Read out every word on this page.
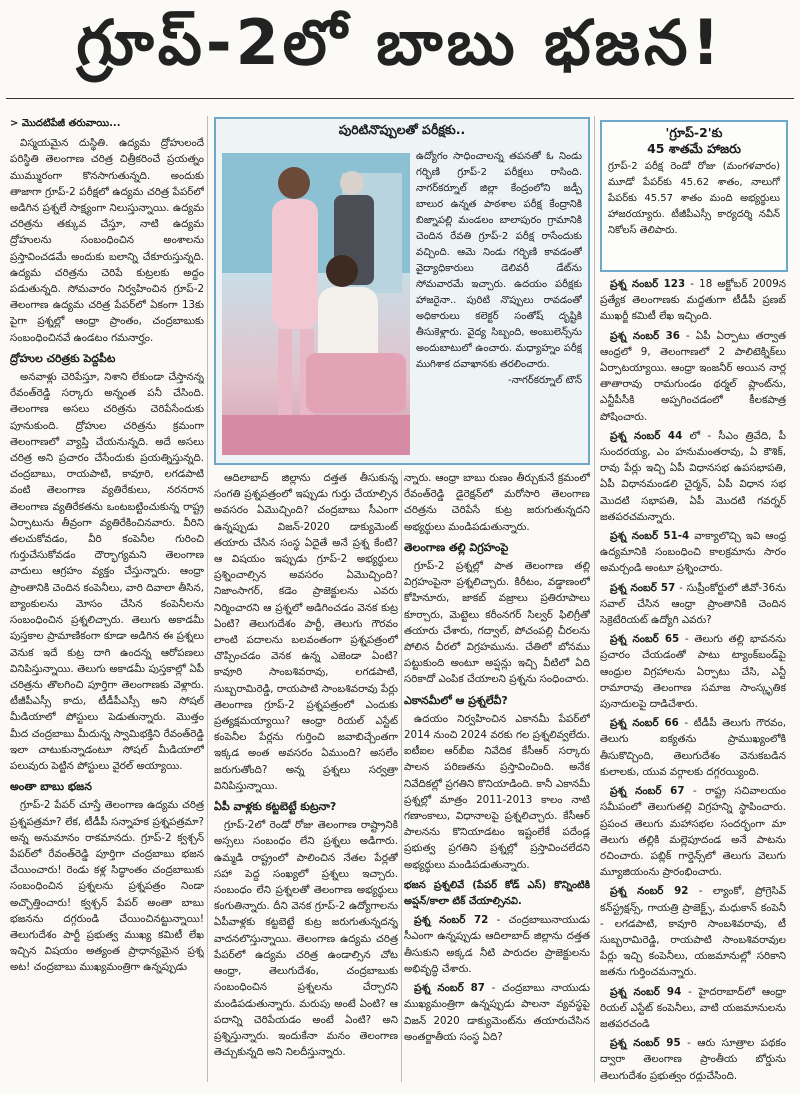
గ్రూప్-2లో బాబు భజన!
> మొదటిపేజీ తరువాయి...

విస్మయమైన దుస్థితి. ఉద్యమ ద్రోహులందే పరిస్థితి తెలంగాణ చరిత్ర చిత్రీకరించే ప్రయత్నం ముమ్మురంగా కొనసాగుతున్నది. అందుకు తాజాగా గ్రూప్-2 పరీక్షలో ఉద్యమ చరిత్ర పేపర్‌లో అడిగిన ప్రశ్నలే సాక్ష్యంగా నిలుస్తున్నాయి. ఉద్యమ చరిత్రను తక్కువ చేస్తూ, నాటి ఉద్యమ ద్రోహులను సంబంధించిన అంశాలను ప్రస్తావించడమే అందుకు బలాన్ని చేకూరుస్తున్నది. ఉద్యమ చరిత్రను చెరిపే కుట్రలకు అద్దం పడుతున్నది. సోమవారం నిర్వహించిన గ్రూప్-2 తెలంగాణ ఉద్యమ చరిత్ర పేపర్‌లో ఏకంగా 13కు పైగా ప్రశ్నల్లో ఆంధ్రా ప్రాంతం, చంద్రబాబుకు సంబంధించినవే ఉండటం గమనార్హం.

ద్రోహుల చరిత్రకు పెద్దపీట

అనవాళ్లు చెరిపేస్తూ, నిశాని లేకుండా చేస్తానన్న రేవంత్‌రెడ్డి సర్కారు అన్నంత పనీ చేసింది. తెలంగాణ అసలు చరిత్రను చెరిపేసేందుకు పూనుకుంది. ద్రోహుల చరిత్రను క్రమంగా తెలంగాణలో వ్యాప్తి చేయనున్నది. అదే అసలు చరిత్ర అని ప్రచారం చేసేందుకు ప్రయత్నిస్తున్నది. చంద్రబాబు, రాయపాటి, కావూరి, లగడపాటి వంటి తెలంగాణ వ్యతిరేకులు, నరనరాన తెలంగాణ వ్యతిరేకతను ఒంటబట్టించుకున్న రాష్ట్ర ఏర్పాటును తీవ్రంగా వ్యతిరేకించినవారు. వీరిని తలచుకోవడం, వీరి కంపెనీల గురించి గుర్తుచేసుకోవడం దౌర్భాగ్యమని తెలంగాణ వాదులు ఆగ్రహం వ్యక్తం చేస్తున్నారు. ఆంధ్రా ప్రాంతానికి చెందిన కంపెనీలు, వారి దివాలా తీసిన, బ్యాంకులను మోసం చేసిన కంపెనీలను సంబంధించిన ప్రశ్నలిచ్చారు. తెలుగు అకాడమీ పుస్తకాల ప్రామాణికంగా కూడా అడిగిన ఈ ప్రశ్నలు వెనుక ఇదే కుట్ర దాగి ఉందన్న ఆరోపణలు వినిపిస్తున్నాయి. తెలుగు అకాడమీ పుస్తకాల్లో ఏపీ చరిత్రను తొలగించి పూర్తిగా తెలంగాణకు వెళ్లారు. టీజీపీఎస్సీ కాదు, టీడీపీఎస్సీ అని సోషల్ మీడియాలో పోస్టులు పెడుతున్నారు. మొత్తం మీద చంద్రబాబు మీదున్న స్వామిభక్తిని రేవంత్‌రెడ్డి ఇలా చాటుకున్నాడంటూ సోషల్ మీడియాలో పలువురు పెట్టిన పోస్టులు వైరల్ అయ్యాయి.

అంతా బాబు భజన

గ్రూప్-2 పేపర్ చూస్తే తెలంగాణ ఉద్యమ చరిత్ర ప్రశ్నపత్రమా? లేక, టీడీపీ సన్నాహక ప్రశ్నపత్రమా? అన్న అనుమానం రాకమానదు. గ్రూప్-2 క్వశ్చన్ పేపర్‌లో రేవంత్‌రెడ్డి పూర్తిగా చంద్రబాబు భజన చేయించారు! రెండు కళ్ల సిద్ధాంతం చంద్రబాబుకు సంబంధించిన ప్రశ్నలను ప్రశ్నపత్రం నిండా అచ్చొత్తించారు! క్వశ్చన్ పేపర్ అంతా బాబు భజనను దగ్గరుండి చేయించినట్టున్నాయి! తెలుగుదేశం పార్టీ ప్రభుత్వ ముఖ్య కమిటీ లేఖ ఇచ్చిన విషయం అత్యంత ప్రాధాన్యమైన ప్రశ్న అట! చంద్రబాబు ముఖ్యమంత్రిగా ఉన్నప్పుడు

పురిటినొప్పులతో పరీక్షకు..

ఉద్యోగం సాధించాలన్న తపనతో ఓ నిండు గర్భిణి గ్రూప్-2 పరీక్షలు రాసింది. నాగర్‌కర్నూల్ జిల్లా కేంద్రంలోని జడ్పీ బాలుర ఉన్నత పాఠశాల పరీక్ష కేంద్రానికి బిజ్నాపల్లి మండలం బాలాపురం గ్రామానికి చెందిన రేవతి గ్రూప్-2 పరీక్ష రాసేందుకు వచ్చింది. ఆమె నిండు గర్భిణి కావడంతో వైద్యాధికారులు డెలివరీ డేట్‌ను సోమవారమే ఇచ్చారు. ఉదయం పరీక్షకు హాజరైనా.. పురిటి నొప్పులు రావడంతో అధికారులు కలెక్టర్ సంతోష్ దృష్టికి తీసుకెళ్లారు. వైద్య సిబ్బంది, అంబులెన్స్‌ను అందుబాటులో ఉంచారు. మధ్యాహ్నం పరీక్ష ముగిశాక దవాఖానకు తరలించారు.

-నాగర్‌కర్నూల్ టౌన్

ఆదిలాబాద్ జిల్లాను దత్తత తీసుకున్న సంగతి ప్రశ్నపత్రంలో ఇప్పుడు గుర్తు చేయాల్సిన అవసరం ఏమొచ్చింది? చంద్రబాబు సీఎంగా ఉన్నప్పుడు విజన్-2020 డాక్యుమెంట్ తయారు చేసిన సంస్థ ఏదైతే అనే ప్రశ్న కేంటి? ఆ విషయం ఇప్పుడు గ్రూప్-2 అభ్యర్థులు ప్రశ్నించాల్సిన అవసరం ఏమొచ్చింది? నిజాంసాగర్, కడెం ప్రాజెక్టులను ఎవరు నిర్మించారని ఆ ప్రశ్నలో అడిగించడం వెనక కుట్ర ఏంటి? తెలుగుదేశం పార్టీ, తెలుగు గౌరవం లాంటి పదాలను బలవంతంగా ప్రశ్నపత్రంలో చొప్పించడం వెనక ఉన్న ఎజెండా ఏంటి? కావూరి సాంబశివరావు, లగడపాటి, సుబ్బరామిరెడ్డి, రాయపాటి సాంబశివరావు పేర్లు తెలంగాణ గ్రూప్-2 ప్రశ్నపత్రంలో ఎందుకు ప్రత్యక్షమయ్యాయి? ఆంధ్రా రియల్ ఎస్టేట్ కంపెనీల పేర్లను గుర్తించి జవాబిచ్చేంతగా ఇక్కడ అంత అవసరం ఏముంది? అసలేం జరుగుతోంది? అన్న ప్రశ్నలు సర్వత్రా వినిపిస్తున్నాయి.

ఏపీ వాళ్లకు కట్టబెట్టే కుట్రనా?

గ్రూప్-2లో రెండో రోజు తెలంగాణ రాష్ట్రానికి అస్సలు సంబంధం లేని ప్రశ్నలు అడిగారు. ఉమ్మడి రాష్ట్రంలో పాలించిన నేతల పేర్లతో సహా పెద్ద సంఖ్యలో ప్రశ్నలు ఇచ్చారు. సంబంధం లేని ప్రశ్నలతో తెలంగాణ అభ్యర్థులు కంగుతిన్నారు. దీని వెనక గ్రూప్-2 ఉద్యోగాలను ఏపీవాళ్లకు కట్టబెట్టే కుట్ర జరుగుతున్నదన్న వాదనలొస్తున్నాయి. తెలంగాణ ఉద్యమ చరిత్ర పేపర్‌లో ఉద్యమ చరిత్ర ఉండాల్సిన చోట ఆంధ్రా, తెలుగుదేశం, చంద్రబాబుకు సంబంధించిన ప్రశ్నలను చేర్చారని మండిపడుతున్నారు. మరుపు అంటే ఏంటి? ఆ పదాన్ని చెరిపేయడం అంటే ఏంటి? అని ప్రశ్నిస్తున్నారు. ఇందుకేనా మనం తెలంగాణ తెచ్చుకున్నది అని నిలదీస్తున్నారు.

న్నారు. ఆంధ్రా బాబు రుణం తీర్చుకునే క్రమంలో రేవంత్‌రెడ్డి డైరెక్షన్‌లో మరోసారి తెలంగాణ చరిత్రను చెరిపేసే కుట్ర జరుగుతున్నదని అభ్యర్థులు మండిపడుతున్నారు.

తెలంగాణ తల్లి విగ్రహంపై

గ్రూప్-2 ప్రశ్నల్లో పాత తెలంగాణ తల్లి విగ్రహంపైనా ప్రశ్నలిచ్చారు. కిరీటం, వడ్డాణంలో కోహినూరు, జాకబ్ వజ్రాలు ప్రతిరూపాలు కూర్చారు, మెట్టెలు కరీంనగర్ సిల్వర్ ఫిలిగ్రీతో తయారు చేశారు, గద్వాల్, పోచంపల్లి చీరలను పోలిన చీరలో విగ్రహమును. చేతిలో బోనము పట్టుకుంది అంటూ అప్షన్లు ఇచ్చి వీటిలో ఏది సరికాదో ఎంపిక చేయాలని ప్రశ్నను సంధించారు.

ఎకానమీలో ఆ ప్రశ్నలేవీ?

ఉదయం నిర్వహించిన ఎకానమీ పేపర్‌లో 2014 నుంచి 2024 వరకు గల ప్రశ్నలివ్వలేదు. ఐటీఐల ఆర్‌బీఐ నివేదిక కేసీఆర్ సర్కారు పాలన పరిణతను ప్రస్తావించింది. అనేక నివేదికల్లో ప్రగతిని కొనియాడింది. కానీ ఎకానమీ ప్రశ్నల్లో మాత్రం 2011-2013 కాలం నాటి గణాంకాలు, విధానాలపై ప్రశ్నలిచ్చారు. కేసీఆర్ పాలనను కొనియాడటం ఇష్టంలేకే పదేండ్ల ప్రభుత్వ ప్రగతిని ప్రశ్నల్లో ప్రస్తావించలేదని అభ్యర్థులు మండిపడుతున్నారు.

భజన ప్రశ్నలివే (పేపర్ కోడ్ ఎస్) కొన్నింటికి అప్షన్/కాలా టిక్ చేయాల్సినవి.

ప్రశ్న నంబర్ 72 - చంద్రబాబునాయుడు సీఎంగా ఉన్నప్పుడు ఆదిలాబాద్ జిల్లాను దత్తత తీసుకుని అక్కడ నీటి పారుదల ప్రాజెక్టులను అభివృద్ధి చేశారు.

ప్రశ్న నంబర్ 87 - చంద్రబాబు నాయుడు ముఖ్యమంత్రిగా ఉన్నప్పుడు పాలనా వ్యవస్థపై విజన్ 2020 డాక్యుమెంట్‌ను తయారుచేసిన అంతర్జాతీయ సంస్థ ఏది?

'గ్రూప్-2'కు
45 శాతమే హాజరు
గ్రూప్-2 పరీక్ష రెండో రోజు (మంగళవారం) మూడో పేపర్‌కు 45.62 శాతం, నాలుగో పేపర్‌కు 45.57 శాతం మంది అభ్యర్థులు హాజరయ్యారు. టీజీపీఎస్సీ కార్యదర్శి నవీన్ నికోలస్ తెలిపారు.

ప్రశ్న నంబర్ 123 - 18 అక్టోబర్ 2009న ప్రత్యేక తెలంగాణకు మద్దతుగా టీడీపీ ప్రణబ్ ముఖర్జీ కమిటీ లేఖ ఇచ్చింది.

ప్రశ్న నంబర్ 36 - ఏపీ ఏర్పాటు తర్వాత ఆంధ్రలో 9, తెలంగాణలో 2 పాలిటెక్నిక్‌లు ఏర్పాటయ్యాయి. ఆంధ్రా ఇంజనీర్ అయిన నార్ల తాతారావు రామగుండం థర్మల్ ప్లాంట్‌ను, ఎన్టీపీసీకి అప్పగించడంలో కీలకపాత్ర పోషించారు.

ప్రశ్న నంబర్ 44 లో - సీఎం త్రివేది, పీ సుందరయ్య, ఎం హనుమంతరావు, ఏ కౌశిక్, రావు పేర్లు ఇచ్చి ఏపీ విధానసభ ఉపసభాపతి, ఏపీ విధానమండలి చైర్మన్, ఏపీ విధాన సభ మొదటి సభాపతి, ఏపీ మొదటి గవర్నర్ జతపరచమన్నారు.

ప్రశ్న నంబర్ 51-4 వాక్యాలొచ్చి ఇవి ఆంధ్ర ఉద్యమానికి సంబంధించి కాలక్రమాను సారం అమర్చండి అంటూ ప్రశ్నించారు.

ప్రశ్న నంబర్ 57 - సుప్రీంకోర్టులో జీవో-36ను సవాల్ చేసిన ఆంధ్రా ప్రాంతానికి చెందిన సెక్రెటేరియట్ ఉద్యోగి ఎవరు?

ప్రశ్న నంబర్ 65 - తెలుగు తల్లి భావనను ప్రచారం చేయడంతో పాటు ట్యాంక్‌బండ్‌పై ఆంధ్రుల విగ్రహాలను ఏర్పాటు చేసి, ఎన్టీ రామారావు తెలంగాణ సమాజ సాంస్కృతిక పునాదులపై దాడిచేశారు.

ప్రశ్న నంబర్ 66 - టీడీపీ తెలుగు గౌరవం, తెలుగు ఐక్యతను ప్రాముఖ్యంలోకి తీసుకొచ్చింది, తెలుగుదేశం వెనుకబడిన కులాలకు, యువ వర్గాలకు దగ్గరయ్యింది.

ప్రశ్న నంబర్ 67 - రాష్ట్ర సచివాలయం సమీపంలో తెలుగుతల్లి విగ్రహన్ని స్థాపించారు. ప్రపంచ తెలుగు మహాసభల సందర్భంగా మా తెలుగు తల్లికి మల్లెపూదండ అనే పాటను రచించారు. పబ్లిక్ గార్డెన్స్‌లో తెలుగు వెలుగు మ్యూజియంను ప్రారంభించారు.

ప్రశ్న నంబర్ 92 - ల్యాంకో, ప్రోగ్రెసివ్ కన్‌స్ట్రక్షన్స్, గాయత్రి ప్రాజెక్ట్స్, మధుకాన్ కంపెనీ - లగడపాటి, కావూరి సాంబశివరావు, టీ సుబ్బరామిరెడ్డి, రాయపాటి సాంబశివరావుల పేర్లు ఇచ్చి కంపెనీలు, యజమానుల్లో సరికాని జతను గుర్తించమన్నారు.

ప్రశ్న నంబర్ 94 - హైదరాబాద్‌లో ఆంధ్రా రియల్ ఎస్టేట్ కంపెనీలు, వాటి యజమానులను జతపరచండి

ప్రశ్న నంబర్ 95 - ఆరు సూత్రాల పథకం ద్వారా తెలంగాణ ప్రాంతీయ బోర్డును తెలుగుదేశం ప్రభుత్వం రద్దుచేసింది.
